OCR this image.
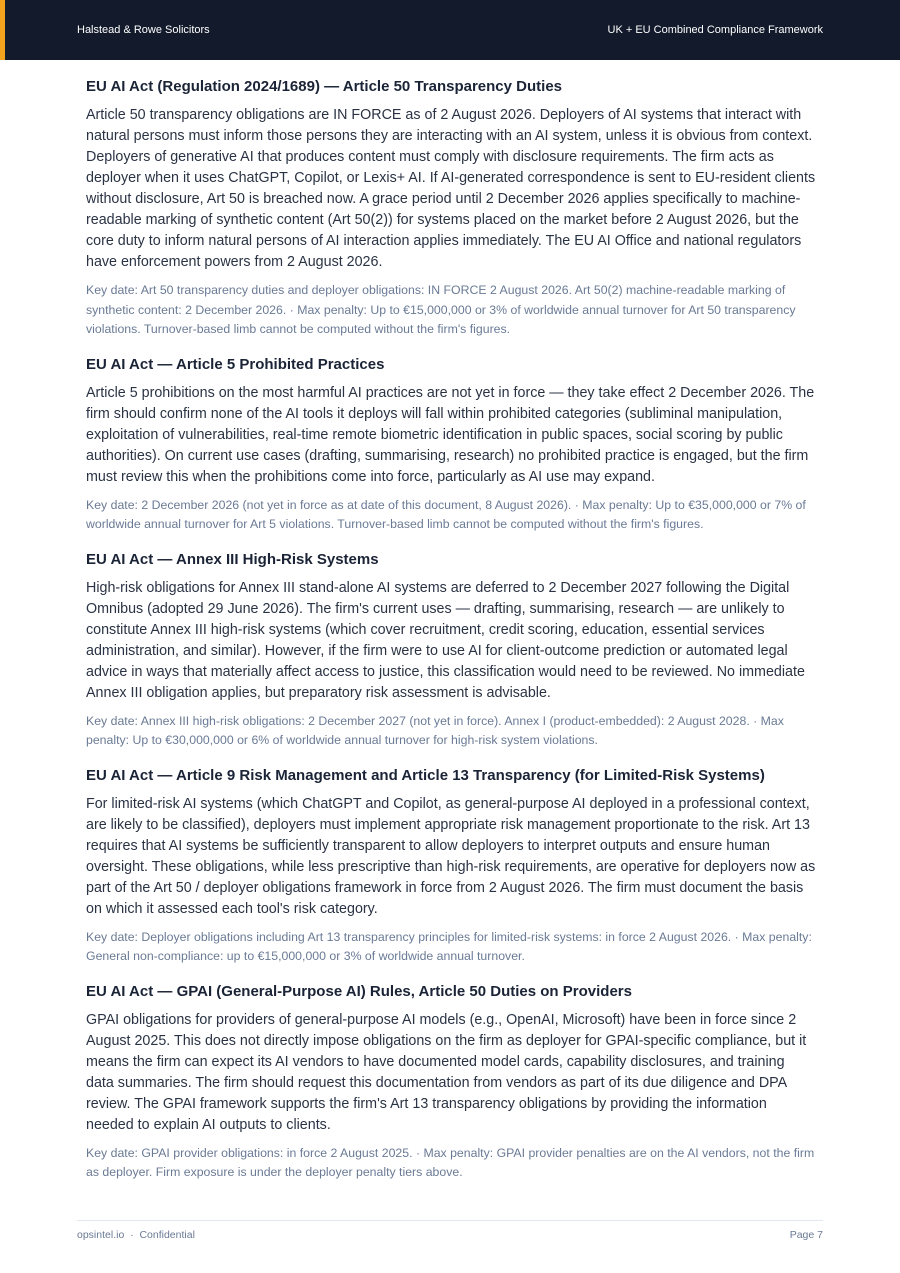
Halstead & Rowe Solicitors	UK + EU Combined Compliance Framework
EU AI Act (Regulation 2024/1689) — Article 50 Transparency Duties

Article 50 transparency obligations are IN FORCE as of 2 August 2026. Deployers of AI systems that interact with natural persons must inform those persons they are interacting with an AI system, unless it is obvious from context. Deployers of generative AI that produces content must comply with disclosure requirements. The firm acts as deployer when it uses ChatGPT, Copilot, or Lexis+ AI. If AI-generated correspondence is sent to EU-resident clients without disclosure, Art 50 is breached now. A grace period until 2 December 2026 applies specifically to machine-readable marking of synthetic content (Art 50(2)) for systems placed on the market before 2 August 2026, but the core duty to inform natural persons of AI interaction applies immediately. The EU AI Office and national regulators have enforcement powers from 2 August 2026.

Key date: Art 50 transparency duties and deployer obligations: IN FORCE 2 August 2026. Art 50(2) machine-readable marking of synthetic content: 2 December 2026. · Max penalty: Up to €15,000,000 or 3% of worldwide annual turnover for Art 50 transparency violations. Turnover-based limb cannot be computed without the firm's figures.

EU AI Act — Article 5 Prohibited Practices

Article 5 prohibitions on the most harmful AI practices are not yet in force — they take effect 2 December 2026. The firm should confirm none of the AI tools it deploys will fall within prohibited categories (subliminal manipulation, exploitation of vulnerabilities, real-time remote biometric identification in public spaces, social scoring by public authorities). On current use cases (drafting, summarising, research) no prohibited practice is engaged, but the firm must review this when the prohibitions come into force, particularly as AI use may expand.

Key date: 2 December 2026 (not yet in force as at date of this document, 8 August 2026). · Max penalty: Up to €35,000,000 or 7% of worldwide annual turnover for Art 5 violations. Turnover-based limb cannot be computed without the firm's figures.

EU AI Act — Annex III High-Risk Systems

High-risk obligations for Annex III stand-alone AI systems are deferred to 2 December 2027 following the Digital Omnibus (adopted 29 June 2026). The firm's current uses — drafting, summarising, research — are unlikely to constitute Annex III high-risk systems (which cover recruitment, credit scoring, education, essential services administration, and similar). However, if the firm were to use AI for client-outcome prediction or automated legal advice in ways that materially affect access to justice, this classification would need to be reviewed. No immediate Annex III obligation applies, but preparatory risk assessment is advisable.

Key date: Annex III high-risk obligations: 2 December 2027 (not yet in force). Annex I (product-embedded): 2 August 2028. · Max penalty: Up to €30,000,000 or 6% of worldwide annual turnover for high-risk system violations.

EU AI Act — Article 9 Risk Management and Article 13 Transparency (for Limited-Risk Systems)

For limited-risk AI systems (which ChatGPT and Copilot, as general-purpose AI deployed in a professional context, are likely to be classified), deployers must implement appropriate risk management proportionate to the risk. Art 13 requires that AI systems be sufficiently transparent to allow deployers to interpret outputs and ensure human oversight. These obligations, while less prescriptive than high-risk requirements, are operative for deployers now as part of the Art 50 / deployer obligations framework in force from 2 August 2026. The firm must document the basis on which it assessed each tool's risk category.

Key date: Deployer obligations including Art 13 transparency principles for limited-risk systems: in force 2 August 2026. · Max penalty: General non-compliance: up to €15,000,000 or 3% of worldwide annual turnover.

EU AI Act — GPAI (General-Purpose AI) Rules, Article 50 Duties on Providers

GPAI obligations for providers of general-purpose AI models (e.g., OpenAI, Microsoft) have been in force since 2 August 2025. This does not directly impose obligations on the firm as deployer for GPAI-specific compliance, but it means the firm can expect its AI vendors to have documented model cards, capability disclosures, and training data summaries. The firm should request this documentation from vendors as part of its due diligence and DPA review. The GPAI framework supports the firm's Art 13 transparency obligations by providing the information needed to explain AI outputs to clients.

Key date: GPAI provider obligations: in force 2 August 2025. · Max penalty: GPAI provider penalties are on the AI vendors, not the firm as deployer. Firm exposure is under the deployer penalty tiers above.

opsintel.io  ·  Confidential	Page 7
